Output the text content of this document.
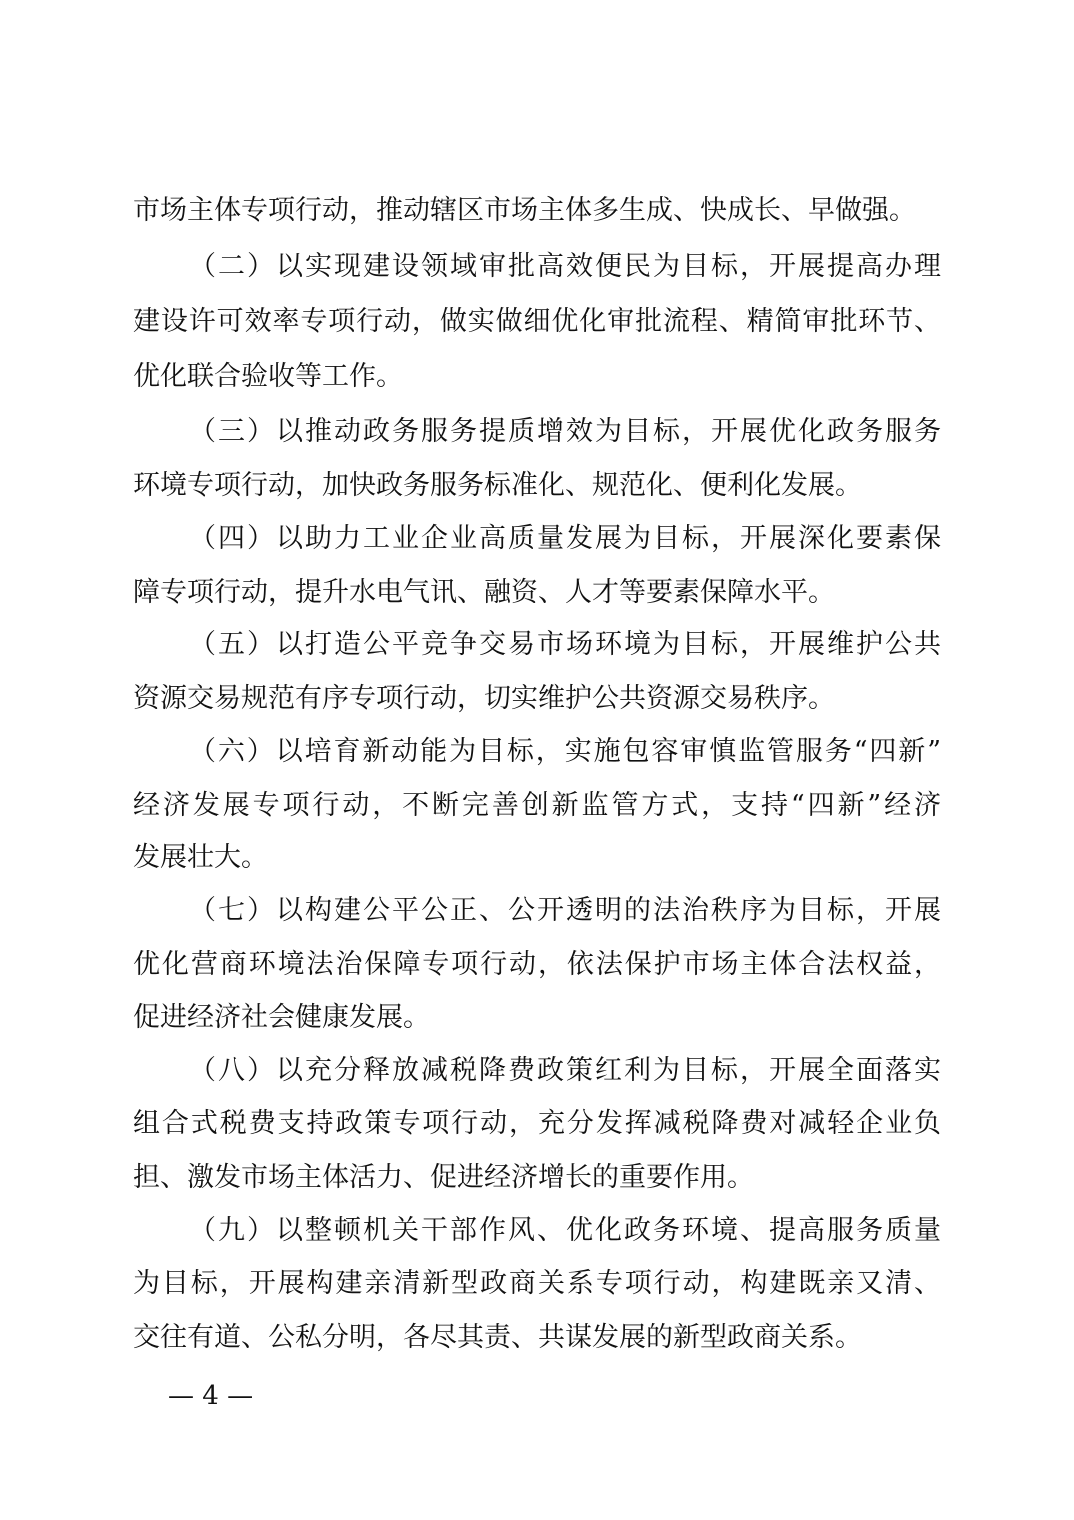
市场主体专项行动，推动辖区市场主体多生成、快成长、早做强。
（二）以实现建设领域审批高效便民为目标，开展提高办理
建设许可效率专项行动，做实做细优化审批流程、精简审批环节、
优化联合验收等工作。
（三）以推动政务服务提质增效为目标，开展优化政务服务
环境专项行动，加快政务服务标准化、规范化、便利化发展。
（四）以助力工业企业高质量发展为目标，开展深化要素保
障专项行动，提升水电气讯、融资、人才等要素保障水平。
（五）以打造公平竞争交易市场环境为目标，开展维护公共
资源交易规范有序专项行动，切实维护公共资源交易秩序。
（六）以培育新动能为目标，实施包容审慎监管服务“四新”
经济发展专项行动，不断完善创新监管方式，支持“四新”经济
发展壮大。
（七）以构建公平公正、公开透明的法治秩序为目标，开展
优化营商环境法治保障专项行动，依法保护市场主体合法权益，
促进经济社会健康发展。
（八）以充分释放减税降费政策红利为目标，开展全面落实
组合式税费支持政策专项行动，充分发挥减税降费对减轻企业负
担、激发市场主体活力、促进经济增长的重要作用。
（九）以整顿机关干部作风、优化政务环境、提高服务质量
为目标，开展构建亲清新型政商关系专项行动，构建既亲又清、
交往有道、公私分明，各尽其责、共谋发展的新型政商关系。
— 4 —
